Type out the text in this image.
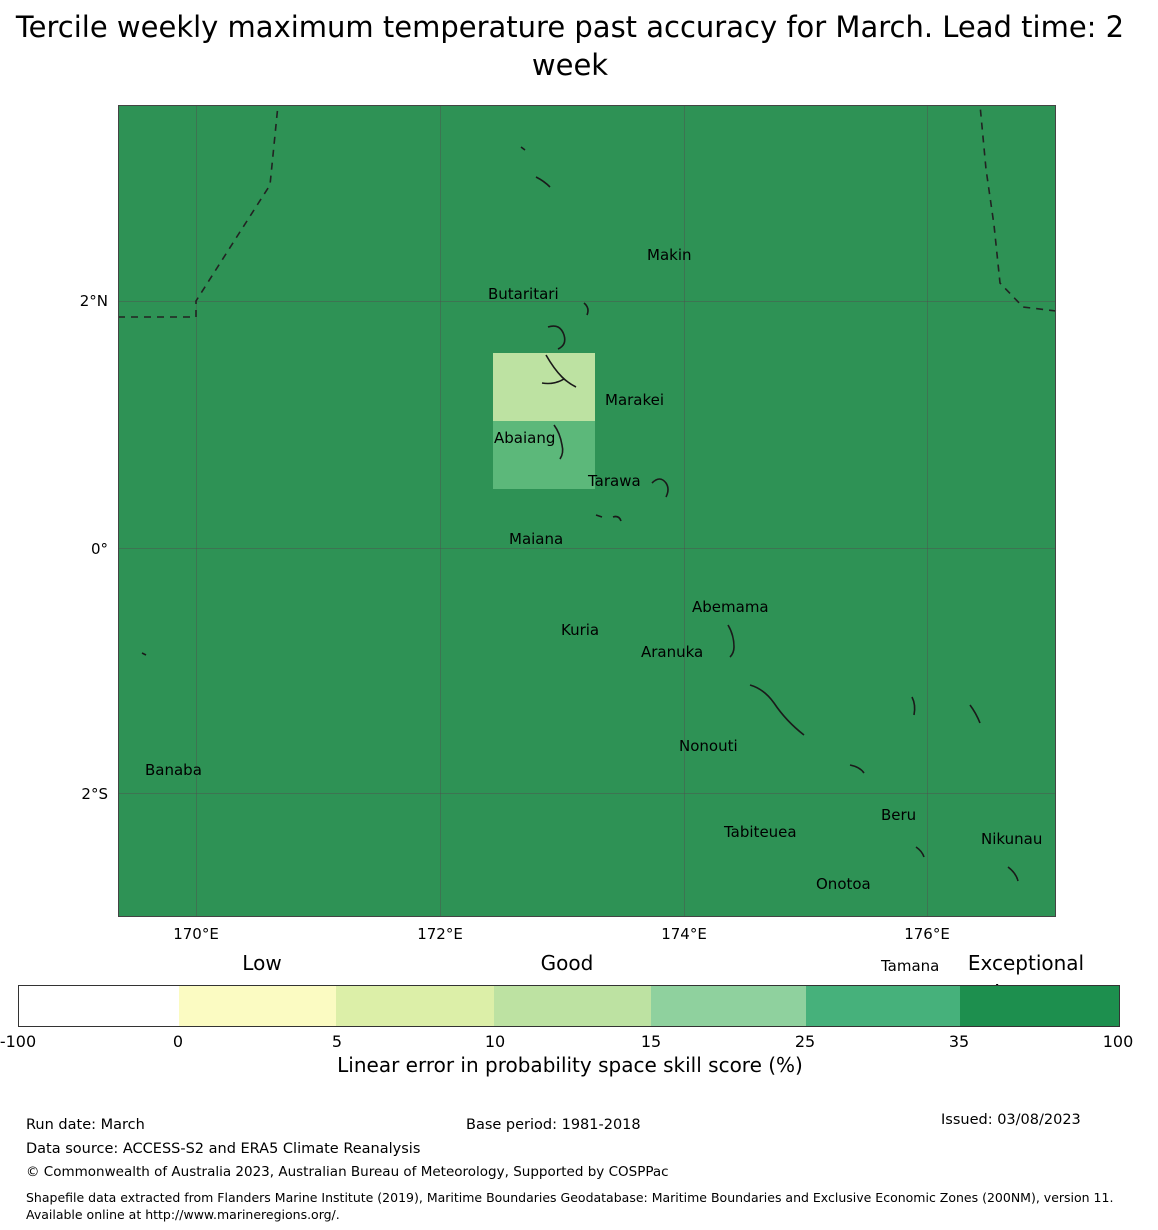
Tercile weekly maximum temperature past accuracy for March. Lead time: 2 week
Makin
Butaritari
Marakei
Abaiang
Tarawa
Maiana
Abemama
Kuria
Aranuka
Nonouti
Banaba
Tabiteuea
Beru
Nikunau
Onotoa
Tamana
2°N
0°
2°S
170°E	172°E	174°E	176°E
Low	Good	Exceptional
-100	0	5	10	15	25	35	100
Linear error in probability space skill score (%)
Run date: March	Base period: 1981-2018	Issued: 03/08/2023
Data source: ACCESS-S2 and ERA5 Climate Reanalysis
© Commonwealth of Australia 2023, Australian Bureau of Meteorology, Supported by COSPPac
Shapefile data extracted from Flanders Marine Institute (2019), Maritime Boundaries Geodatabase: Maritime Boundaries and Exclusive Economic Zones (200NM), version 11. Available online at http://www.marineregions.org/.
